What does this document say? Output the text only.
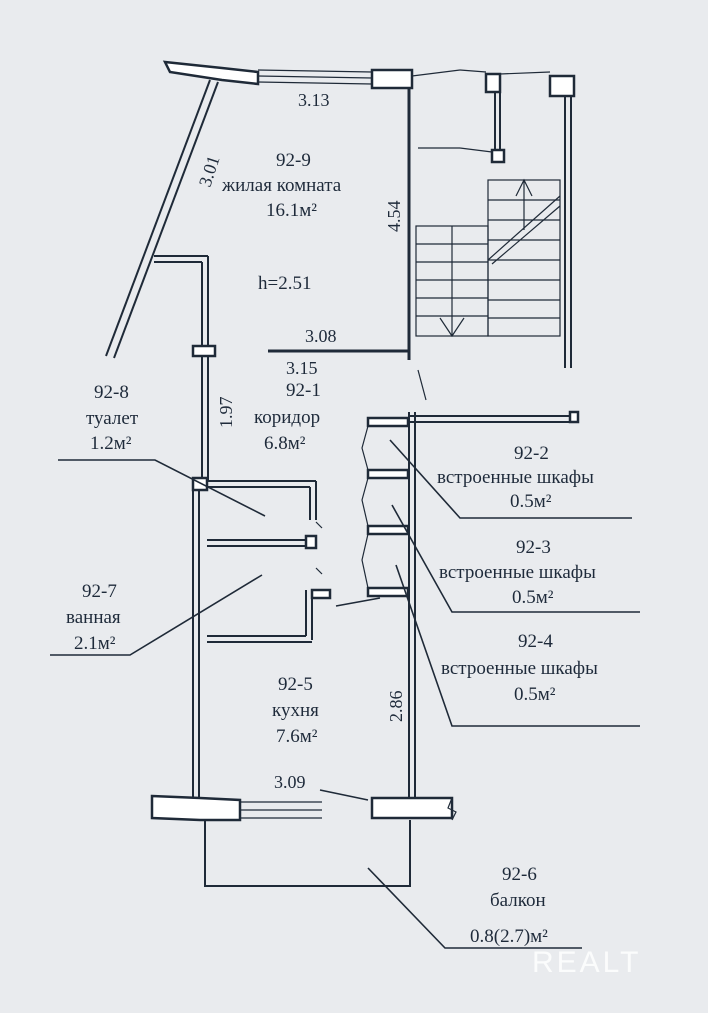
3.13
3.01
4.54
3.08
3.15
1.97
2.86
3.09
92-9
жилая комната
16.1м²
h=2.51
92-1
коридор
6.8м²
92-8
туалет
1.2м²
92-7
ванная
2.1м²
92-2
встроенные шкафы
0.5м²
92-3
встроенные шкафы
0.5м²
92-4
встроенные шкафы
0.5м²
92-5
кухня
7.6м²
92-6
балкон
0.8(2.7)м²
REALT
